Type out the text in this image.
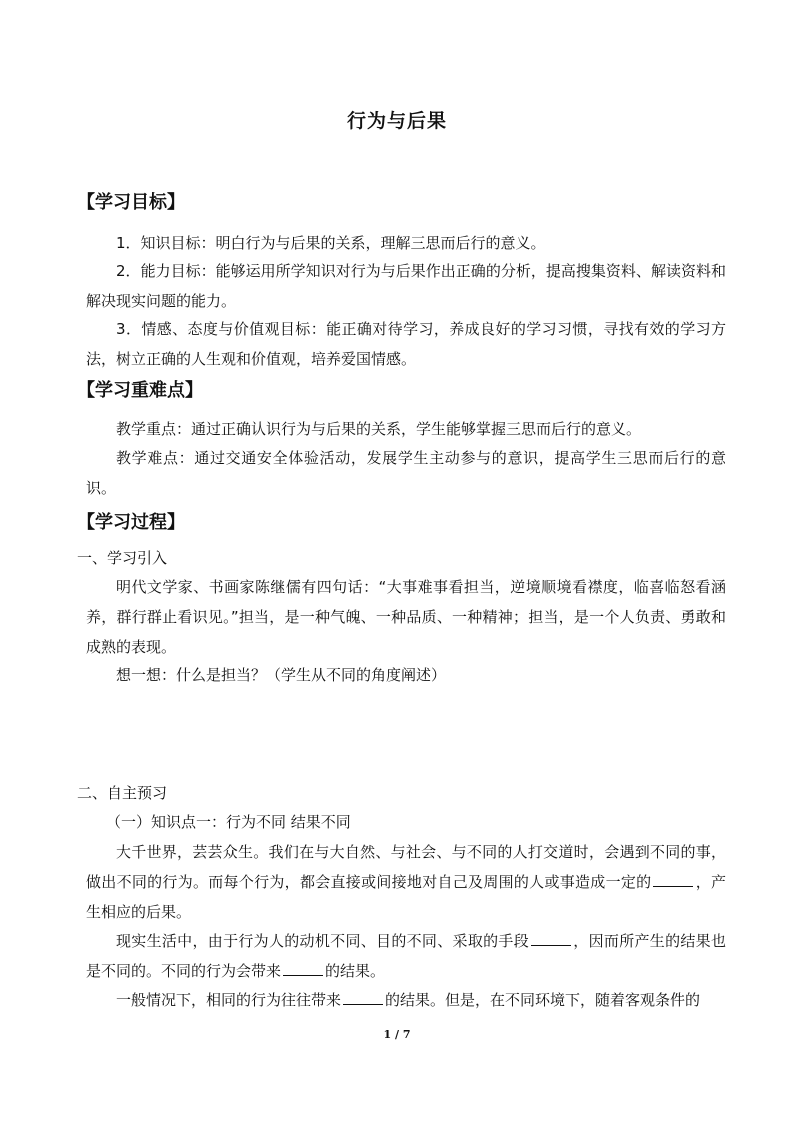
行为与后果
【学习目标】

1．知识目标：明白行为与后果的关系，理解三思而后行的意义。

2．能力目标：能够运用所学知识对行为与后果作出正确的分析，提高搜集资料、解读资料和解决现实问题的能力。

3．情感、态度与价值观目标：能正确对待学习，养成良好的学习习惯，寻找有效的学习方法，树立正确的人生观和价值观，培养爱国情感。

【学习重难点】

教学重点：通过正确认识行为与后果的关系，学生能够掌握三思而后行的意义。

教学难点：通过交通安全体验活动，发展学生主动参与的意识，提高学生三思而后行的意识。

【学习过程】
一、学习引入

明代文学家、书画家陈继儒有四句话：“大事难事看担当，逆境顺境看襟度，临喜临怒看涵养，群行群止看识见。”担当，是一种气魄、一种品质、一种精神；担当，是一个人负责、勇敢和成熟的表现。

想一想：什么是担当？（学生从不同的角度阐述）

二、自主预习
（一）知识点一：行为不同 结果不同

大千世界，芸芸众生。我们在与大自然、与社会、与不同的人打交道时，会遇到不同的事，做出不同的行为。而每个行为，都会直接或间接地对自己及周围的人或事造成一定的	，产生相应的后果。

现实生活中，由于行为人的动机不同、目的不同、采取的手段	，因而所产生的结果也是不同的。不同的行为会带来	的结果。

一般情况下，相同的行为往往带来	的结果。但是，在不同环境下，随着客观条件的

1 / 7
